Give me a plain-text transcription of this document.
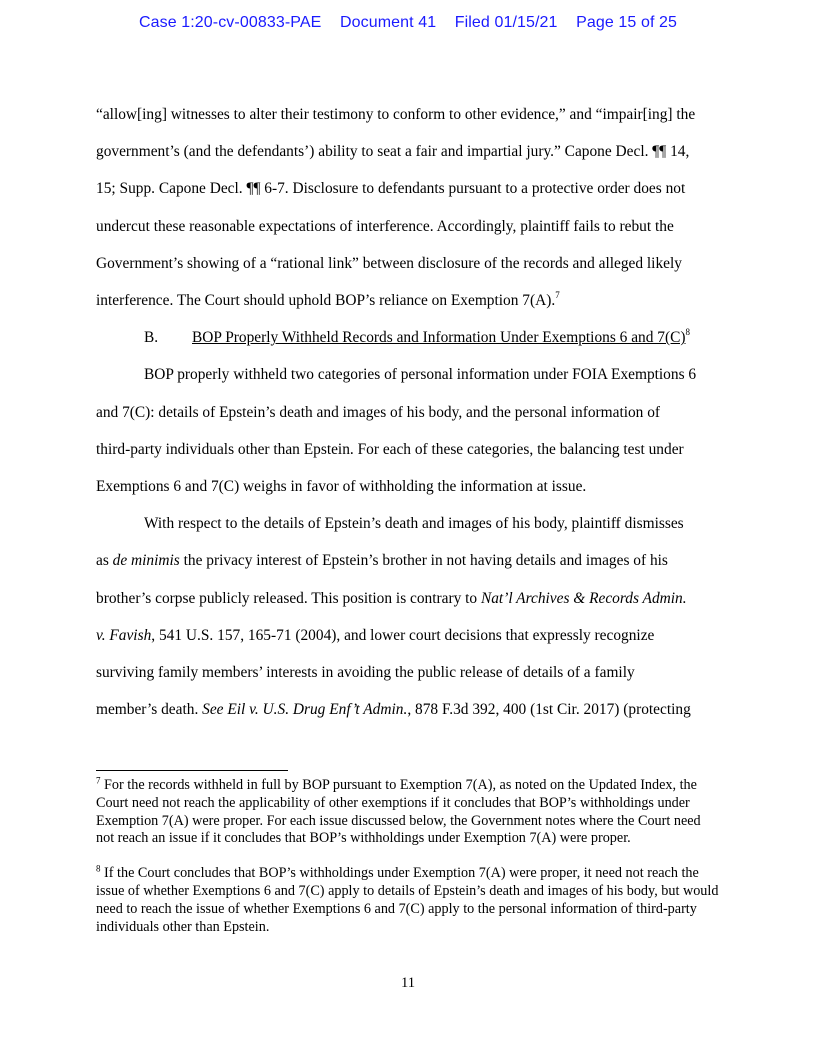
Case 1:20-cv-00833-PAE Document 41 Filed 01/15/21 Page 15 of 25

“allow[ing] witnesses to alter their testimony to conform to other evidence,” and “impair[ing] the
government’s (and the defendants’) ability to seat a fair and impartial jury.” Capone Decl. ¶¶ 14,
15; Supp. Capone Decl. ¶¶ 6-7. Disclosure to defendants pursuant to a protective order does not
undercut these reasonable expectations of interference. Accordingly, plaintiff fails to rebut the
Government’s showing of a “rational link” between disclosure of the records and alleged likely
interference. The Court should uphold BOP’s reliance on Exemption 7(A).$^7$

B. BOP Properly Withheld Records and Information Under Exemptions 6 and $7(C)^8$

BOP properly withheld two categories of personal information under FOIA Exemptions 6
and 7(C): details of Epstein’s death and images of his body, and the personal information of
third-party individuals other than Epstein. For each of these categories, the balancing test under
Exemptions 6 and 7(C) weighs in favor of withholding the information at issue.

With respect to the details of Epstein’s death and images of his body, plaintiff dismisses
as de minimis the privacy interest of Epstein’s brother in not having details and images of his
brother’s corpse publicly released. This position is contrary to Nat’l Archives & Records Admin.
v. Favish, 541 U.S. 157, 165-71 (2004), and lower court decisions that expressly recognize
surviving family members’ interests in avoiding the public release of details of a family
member’s death. See Eil v. U.S. Drug Enf’t Admin., 878 F.3d 392, 400 (1st Cir. 2017) (protecting

$^7$ For the records withheld in full by BOP pursuant to Exemption 7(A), as noted on the Updated Index, the Court need not reach the applicability of other exemptions if it concludes that BOP’s withholdings under Exemption 7(A) were proper. For each issue discussed below, the Government notes where the Court need not reach an issue if it concludes that BOP’s withholdings under Exemption 7(A) were proper.

$^8$ If the Court concludes that BOP’s withholdings under Exemption 7(A) were proper, it need not reach the issue of whether Exemptions 6 and 7(C) apply to details of Epstein’s death and images of his body, but would need to reach the issue of whether Exemptions 6 and 7(C) apply to the personal information of third-party individuals other than Epstein.

11
